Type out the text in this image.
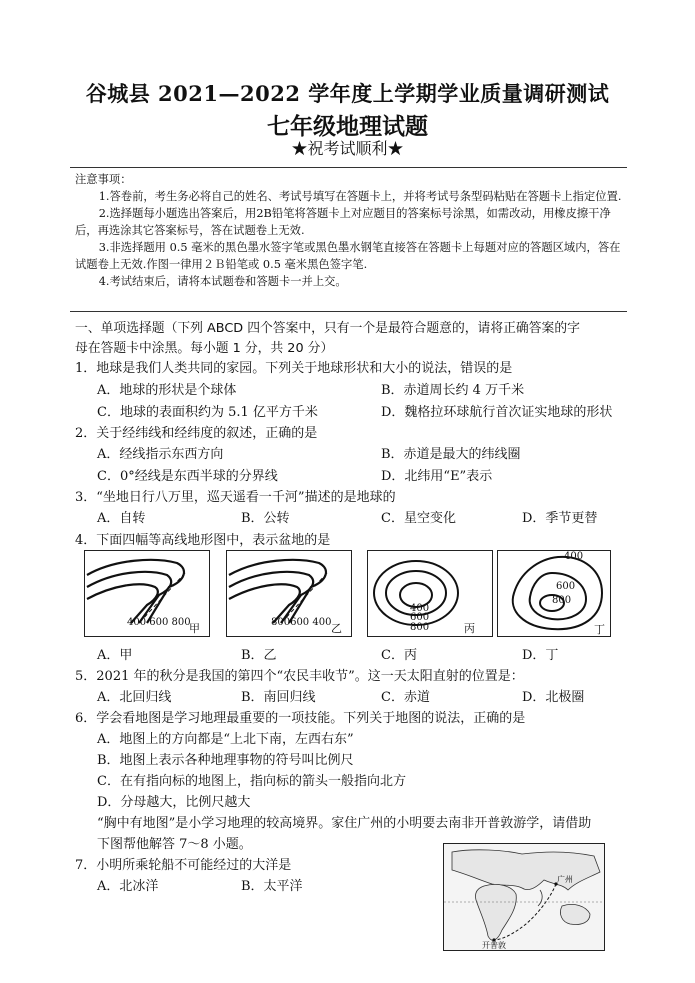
谷城县 2021—2022 学年度上学期学业质量调研测试
七年级地理试题
★祝考试顺利★

注意事项：

1.答卷前，考生务必将自己的姓名、考试号填写在答题卡上，并将考试号条型码粘贴在答题卡上指定位置.

2.选择题每小题选出答案后，用2B铅笔将答题卡上对应题目的答案标号涂黑，如需改动，用橡皮擦干净后，再选涂其它答案标号，答在试题卷上无效.

3.非选择题用 0.5 毫米的黑色墨水签字笔或黑色墨水钢笔直接答在答题卡上每题对应的答题区域内，答在试题卷上无效.作图一律用２Ｂ铅笔或 0.5 毫米黑色签字笔.

4.考试结束后，请将本试题卷和答题卡一并上交。

一、单项选择题（下列 ABCD 四个答案中，只有一个是最符合题意的，请将正确答案的字
母在答题卡中涂黑。每小题 1 分，共 20 分）
1．地球是我们人类共同的家园。下列关于地球形状和大小的说法，错误的是
A．地球的形状是个球体	B．赤道周长约 4 万千米
C．地球的表面积约为 5.1 亿平方千米	D．魏格拉环球航行首次证实地球的形状
2．关于经纬线和经纬度的叙述，正确的是
A．经线指示东西方向	B．赤道是最大的纬线圈
C．0°经线是东西半球的分界线	D．北纬用“E”表示
3．“坐地日行八万里，巡天遥看一千河”描述的是地球的
A．自转	B．公转	C．星空变化	D．季节更替
4．下面四幅等高线地形图中，表示盆地的是
400 600 800
甲	800600 400 乙
400
600
800	丙
400
600
800
丁
A．甲	B．乙	C．丙	D．丁
5．2021 年的秋分是我国的第四个“农民丰收节”。这一天太阳直射的位置是：
A．北回归线	B．南回归线	C．赤道	D．北极圈
6．学会看地图是学习地理最重要的一项技能。下列关于地图的说法，正确的是
A．地图上的方向都是“上北下南，左西右东”
B．地图上表示各种地理事物的符号叫比例尺
C．在有指向标的地图上，指向标的箭头一般指向北方
D．分母越大，比例尺越大
“胸中有地图”是小学习地理的较高境界。家住广州的小明要去南非开普敦游学，请借助
下图帮他解答 7～8 小题。
7．小明所乘轮船不可能经过的大洋是
A．北冰洋	B．太平洋	广州
开普敦
